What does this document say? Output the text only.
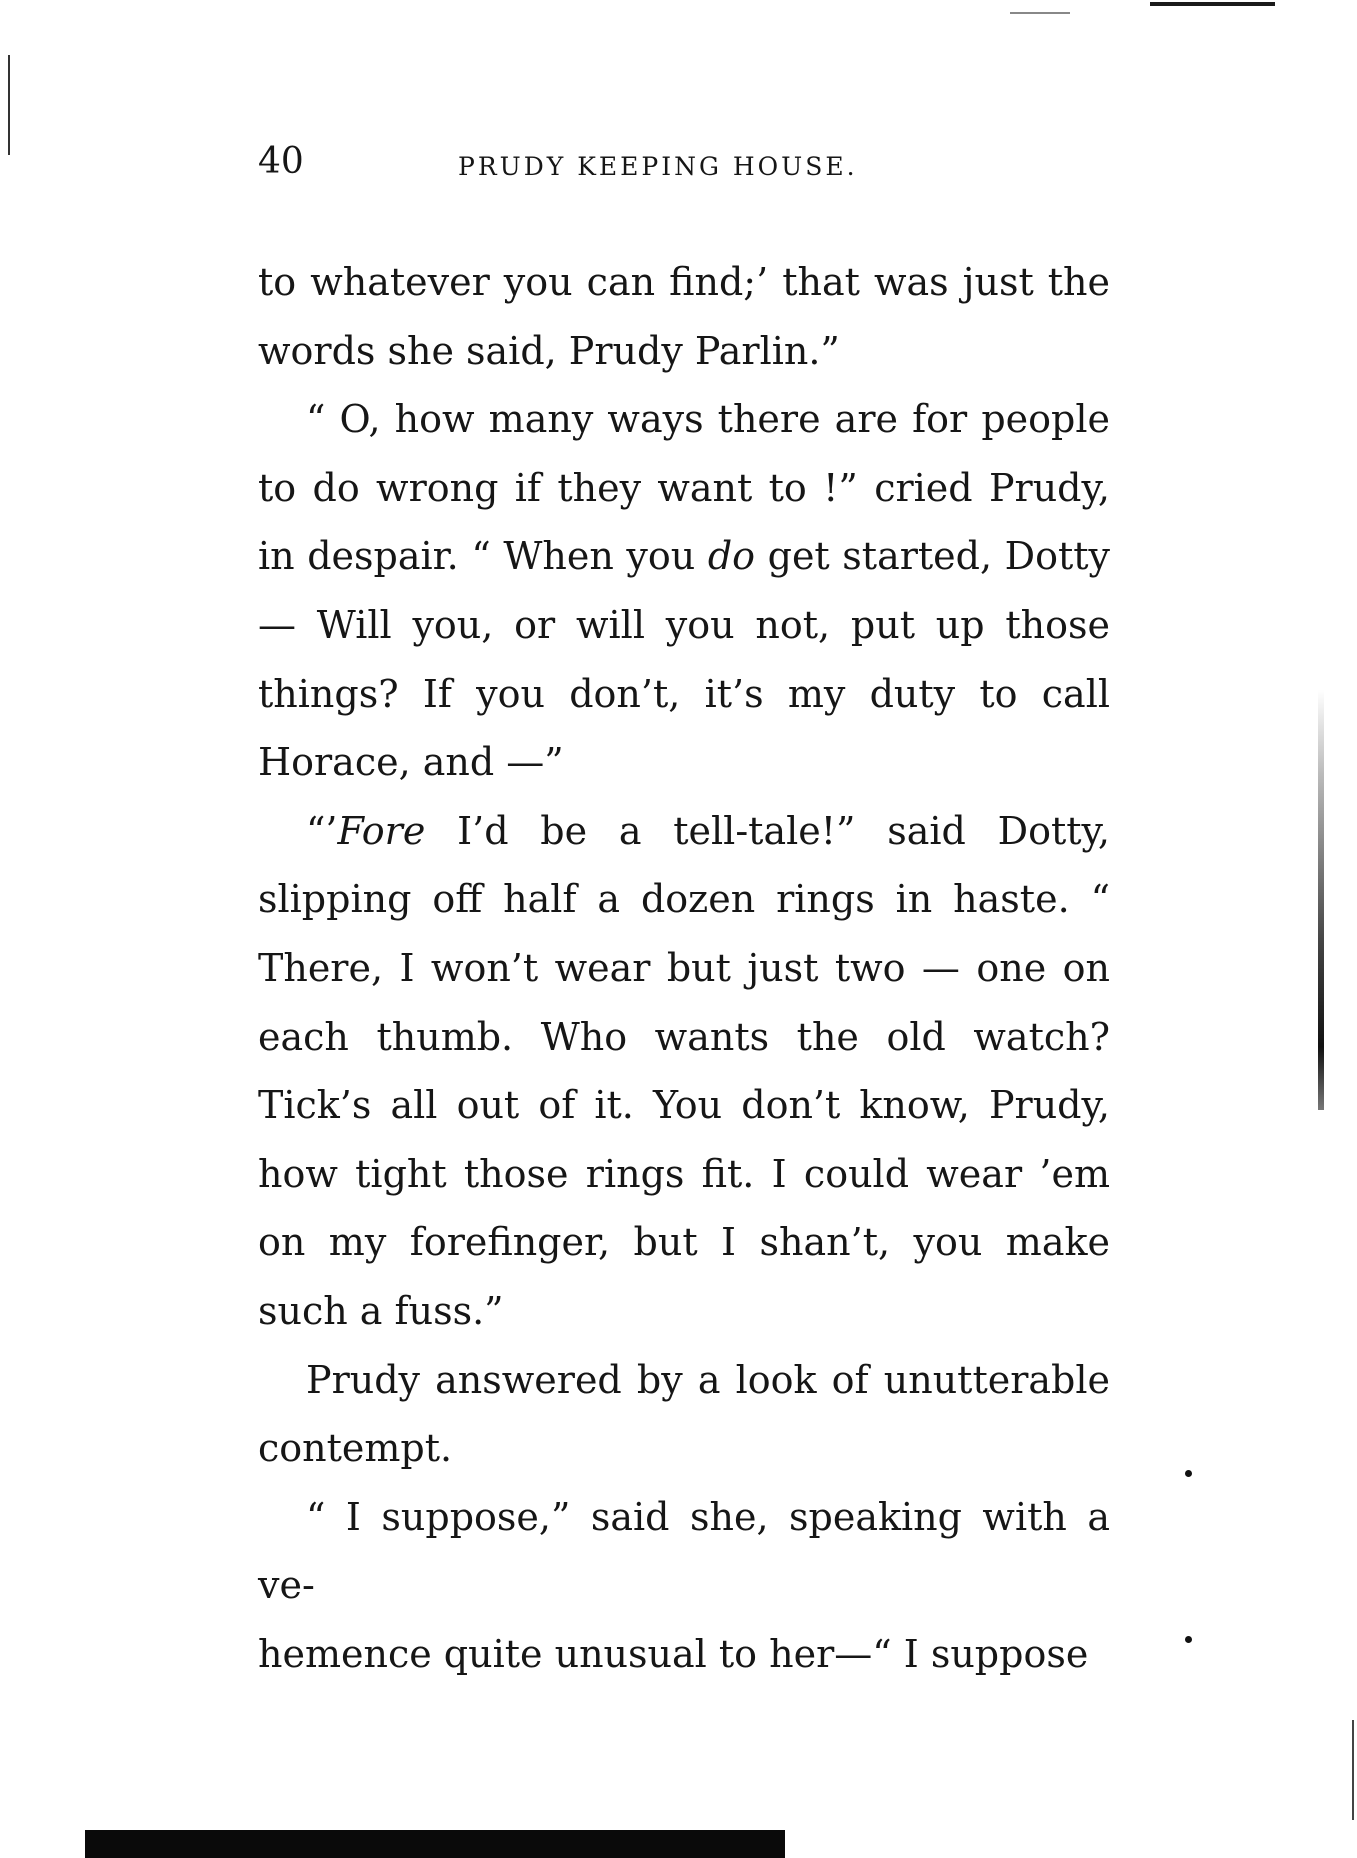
40	PRUDY KEEPING HOUSE.

to whatever you can find;’ that was just the words she said, Prudy Parlin.”

“ O, how many ways there are for people to do wrong if they want to !” cried Prudy, in despair. “ When you do get started, Dotty — Will you, or will you not, put up those things? If you don’t, it’s my duty to call Horace, and —”

“’Fore I’d be a tell-tale!” said Dotty, slipping off half a dozen rings in haste. “ There, I won’t wear but just two — one on each thumb. Who wants the old watch? Tick’s all out of it. You don’t know, Prudy, how tight those rings fit. I could wear ’em on my forefinger, but I shan’t, you make such a fuss.”

Prudy answered by a look of unutterable contempt.

“ I suppose,” said she, speaking with a ve-
hemence quite unusual to her—“ I suppose
